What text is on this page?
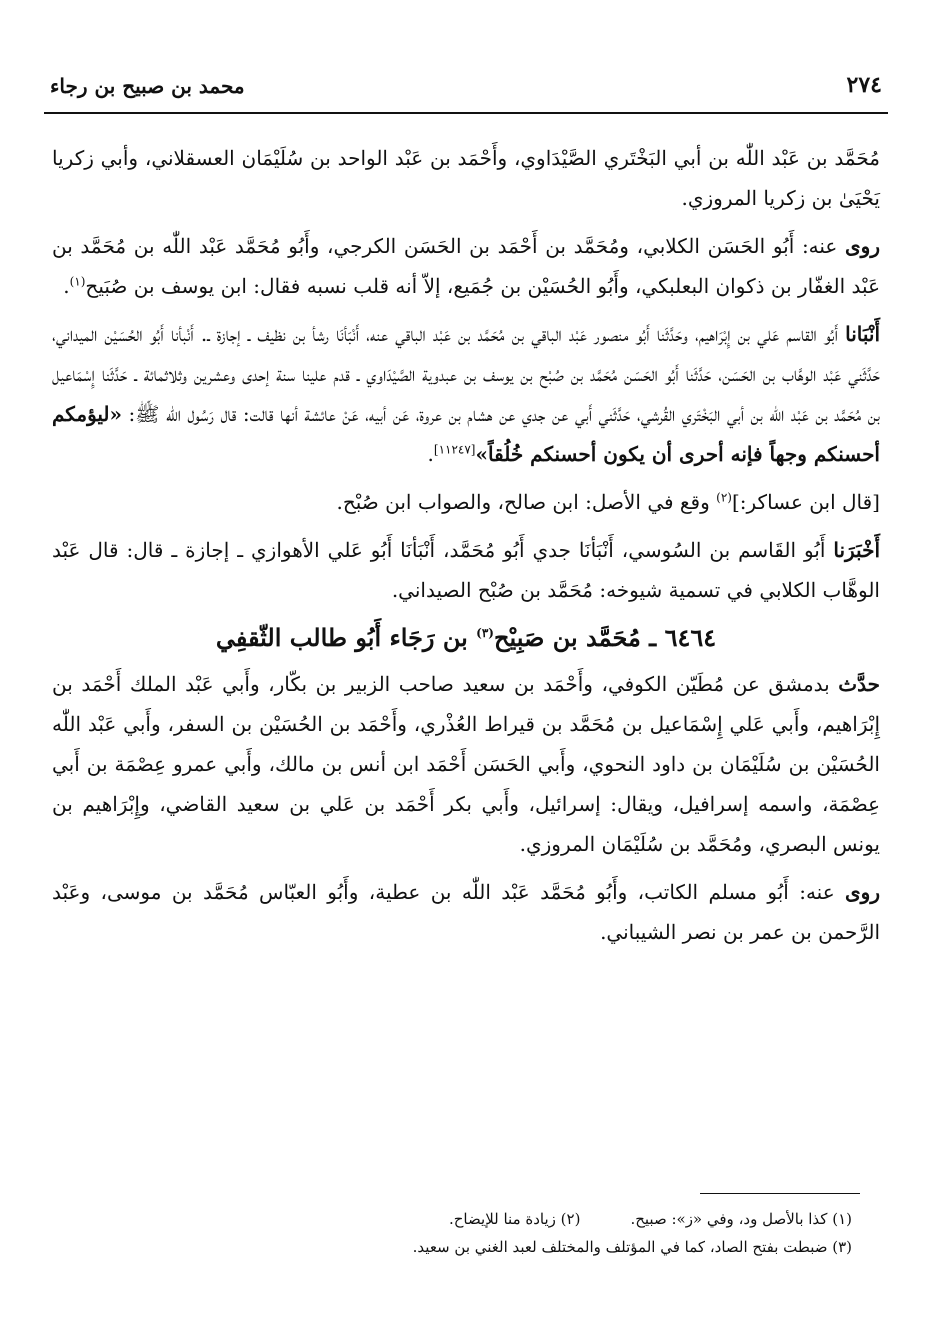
٢٧٤
محمد بن صبيح بن رجاء

مُحَمَّد بن عَبْد اللّٰه بن أبي البَخْتَري الصَّيْدَاوي، وأَحْمَد بن عَبْد الواحد بن سُلَيْمَان العسقلاني، وأبي زكريا يَحْيَىٰ بن زكريا المروزي.

روى عنه: أَبُو الحَسَن الكلابي، ومُحَمَّد بن أَحْمَد بن الحَسَن الكرجي، وأَبُو مُحَمَّد عَبْد اللّٰه بن مُحَمَّد بن عَبْد الغفّار بن ذكوان البعلبكي، وأَبُو الحُسَيْن بن جُمَيع، إلاّ أنه قلب نسبه فقال: ابن يوسف بن صُبَيح$^{(١)}$.

أَنْبَانا أَبُو القاسم عَلي بن إِبْرَاهيم، وحَدَّثَنا أَبُو منصور عَبْد الباقي بن مُحَمَّد بن عَبْد الباقي عنه، أَنْبَأنَا رشأ بن نظيف ـ إجازة ـ. أَنْبأنا أَبُو الحُسَيْن الميداني، حَدَّثَني عَبْد الوهَّاب بن الحَسَن، حَدَّثَنا أَبُو الحَسَن مُحَمَّد بن صُبْح بن يوسف بن عبدوية الصَّيْدَاوي ـ قدم علينا سنة إحدى وعشرين وثلاثمائة ـ حَدَّثَنا إِسْمَاعيل بن مُحَمَّد بن عَبْد اللّٰه بن أبي البَخْتَري القُرشي، حَدَّثَني أَبي عن جدي عن هشام بن عروة، عَن أبيه، عَنْ عائشة أنها قالت: قال رَسُول اللّٰه ﷺ: «ليؤمكم أحسنكم وجهاً فإنه أحرى أن يكون أحسنكم خُلُقاً»[١١٢٤٧].

[قال ابن عساكر:]$^{(٢)}$ وقع في الأصل: ابن صالح، والصواب ابن صُبْح.

أَخْبَرَنا أَبُو القَاسم بن السُوسي، أَنْبَأنَا جدي أَبُو مُحَمَّد، أَنْبَأنَا أَبُو عَلي الأهوازي ـ إجازة ـ قال: قال عَبْد الوهَّاب الكلابي في تسمية شيوخه: مُحَمَّد بن صُبْح الصيداني.

٦٤٦٤ ـ مُحَمَّد بن صَبِيْح$^{(٣)}$ بن رَجَاء أَبُو طالب الثّقفِي

حدَّث بدمشق عن مُطَيّن الكوفي، وأَحْمَد بن سعيد صاحب الزبير بن بكّار، وأَبي عَبْد الملك أَحْمَد بن إِبْرَاهيم، وأَبي عَلي إِسْمَاعيل بن مُحَمَّد بن قيراط العُذْري، وأَحْمَد بن الحُسَيْن بن السفر، وأَبي عَبْد اللّٰه الحُسَيْن بن سُلَيْمَان بن داود النحوي، وأَبي الحَسَن أَحْمَد ابن أنس بن مالك، وأَبي عمرو عِصْمَة بن أَبي عِصْمَة، واسمه إسرافيل، ويقال: إسرائيل، وأَبي بكر أَحْمَد بن عَلي بن سعيد القاضي، وإِبْرَاهيم بن يونس البصري، ومُحَمَّد بن سُلَيْمَان المروزي.

روى عنه: أَبُو مسلم الكاتب، وأَبُو مُحَمَّد عَبْد اللّٰه بن عطية، وأَبُو العبّاس مُحَمَّد بن موسى، وعَبْد الرَّحمن بن عمر بن نصر الشيباني.

(١) كذا بالأصل ود، وفي «ز»: صبيح.(٢) زيادة منا للإيضاح.
(٣) ضبطت بفتح الصاد، كما في المؤتلف والمختلف لعبد الغني بن سعيد.
